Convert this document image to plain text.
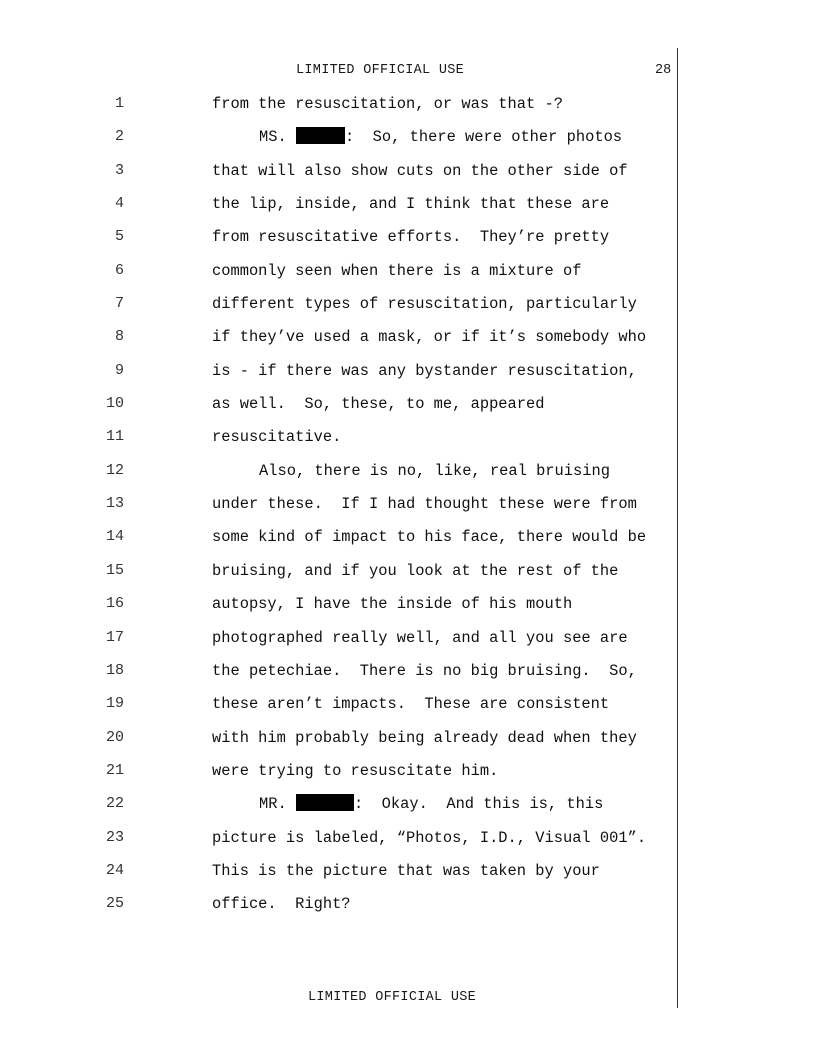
LIMITED OFFICIAL USE	28
1	from the resuscitation, or was that -?
2	MS.	:  So, there were other photos
3	that will also show cuts on the other side of
4	the lip, inside, and I think that these are
5	from resuscitative efforts.  They’re pretty
6	commonly seen when there is a mixture of
7	different types of resuscitation, particularly
8	if they’ve used a mask, or if it’s somebody who
9	is - if there was any bystander resuscitation,
10	as well.  So, these, to me, appeared
11	resuscitative.
12	Also, there is no, like, real bruising
13	under these.  If I had thought these were from
14	some kind of impact to his face, there would be
15	bruising, and if you look at the rest of the
16	autopsy, I have the inside of his mouth
17	photographed really well, and all you see are
18	the petechiae.  There is no big bruising.  So,
19	these aren’t impacts.  These are consistent
20	with him probably being already dead when they
21	were trying to resuscitate him.
22	MR.	:  Okay.  And this is, this
23	picture is labeled, “Photos, I.D., Visual 001”.
24	This is the picture that was taken by your
25	office.  Right?
LIMITED OFFICIAL USE
